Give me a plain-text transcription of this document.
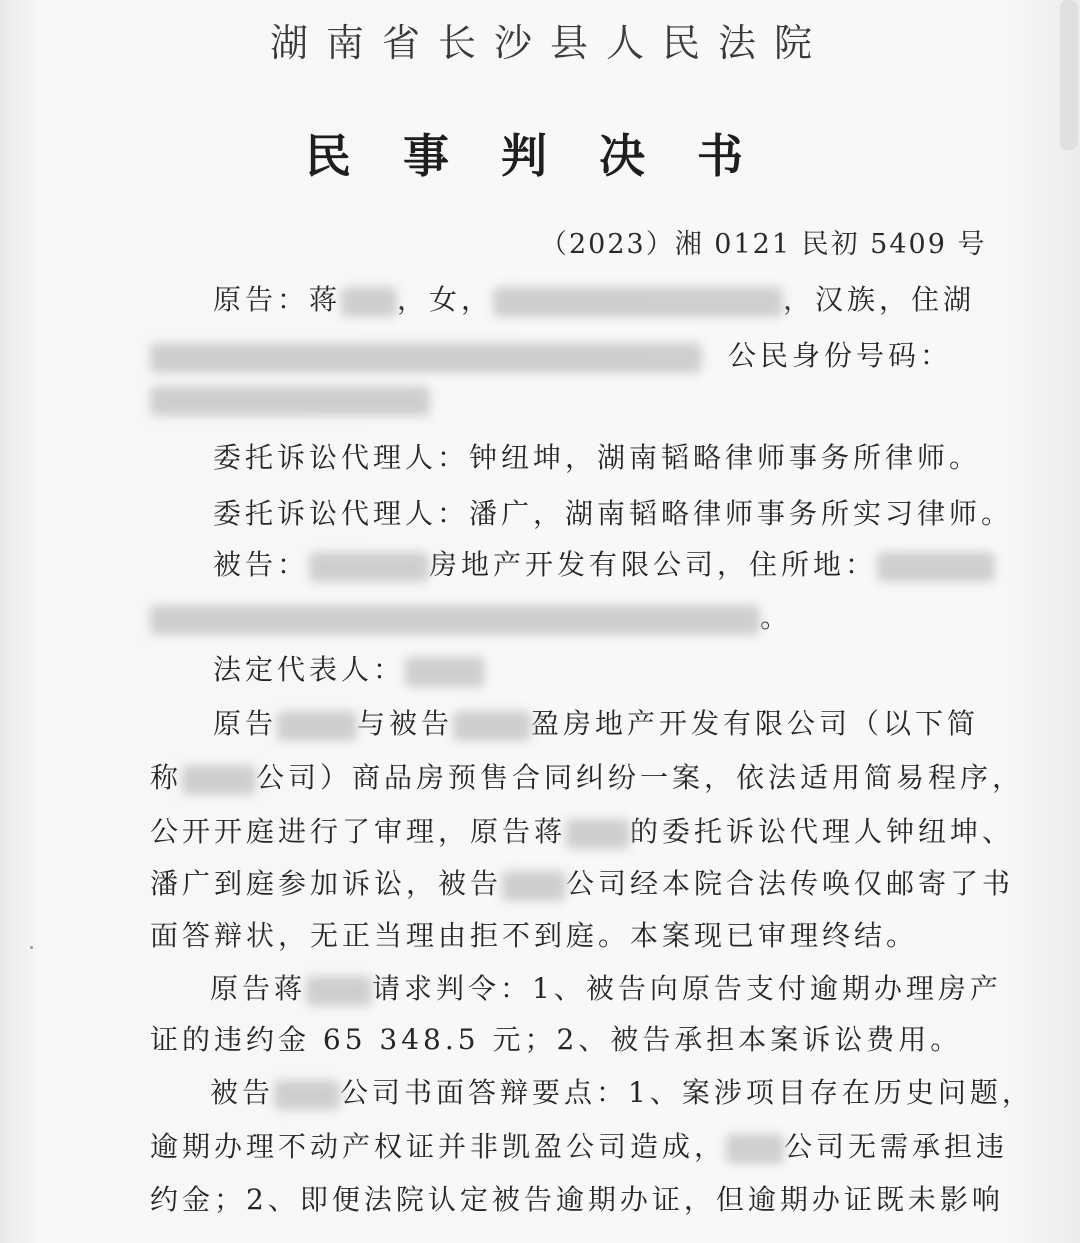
湖南省长沙县人民法院
民事判决书
（2023）湘 0121 民初 5409 号
原告：蒋 ，女，	，汉族，住湖
公民身份号码：
委托诉讼代理人：钟纽坤，湖南韬略律师事务所律师。
委托诉讼代理人：潘广，湖南韬略律师事务所实习律师。
被告：	房地产开发有限公司，住所地：
。
法定代表人：
原告	与被告	盈房地产开发有限公司（以下简
称	公司）商品房预售合同纠纷一案，依法适用简易程序，
公开开庭进行了审理，原告蒋 的委托诉讼代理人钟纽坤、
潘广到庭参加诉讼，被告 公司经本院合法传唤仅邮寄了书
面答辩状，无正当理由拒不到庭。本案现已审理终结。
原告蒋 请求判令：1、被告向原告支付逾期办理房产
证的违约金 65 348.5 元；2、被告承担本案诉讼费用。
被告 公司书面答辩要点：1、案涉项目存在历史问题，
逾期办理不动产权证并非凯盈公司造成， 公司无需承担违
约金；2、即便法院认定被告逾期办证，但逾期办证既未影响
